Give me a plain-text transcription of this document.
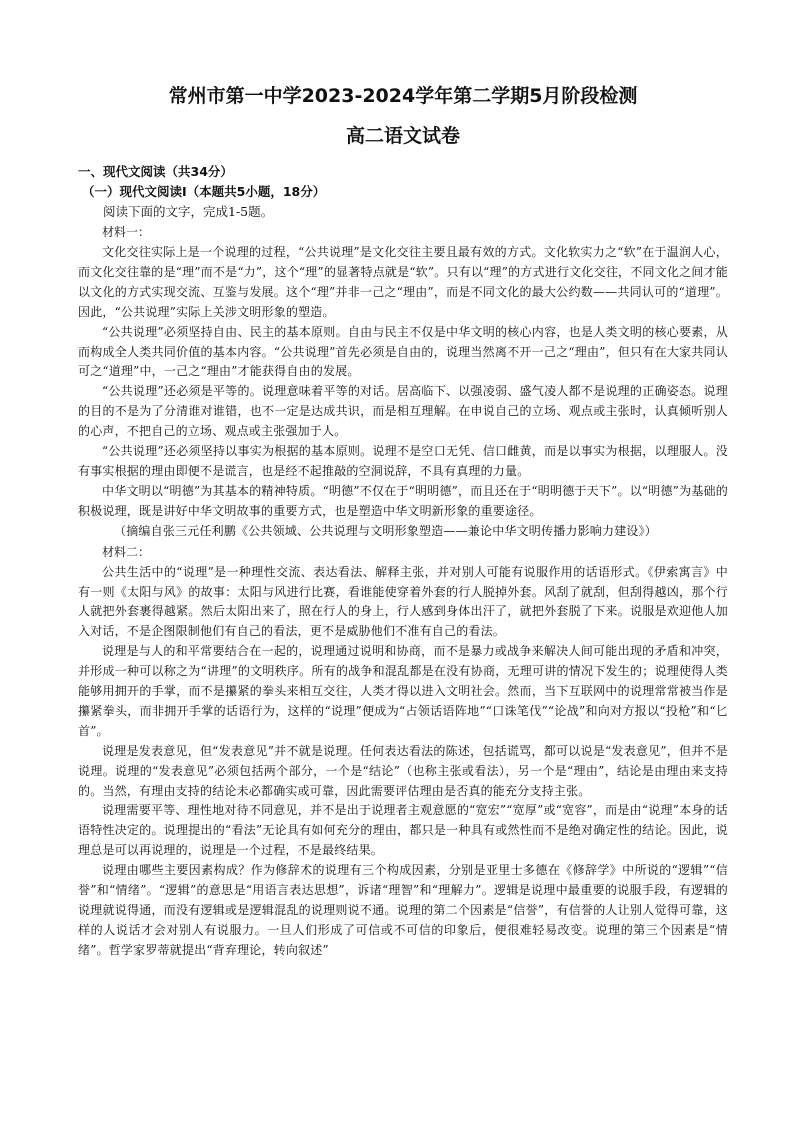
常州市第一中学2023-2024学年第二学期5月阶段检测
高二语文试卷
一、现代文阅读（共34分）
（一）现代文阅读Ⅰ（本题共5小题，18分）
阅读下面的文字，完成1-5题。
材料一：

文化交往实际上是一个说理的过程，“公共说理”是文化交往主要且最有效的方式。文化软实力之“软”在于温润人心，而文化交往靠的是“理”而不是“力”，这个“理”的显著特点就是“软”。只有以“理”的方式进行文化交往，不同文化之间才能以文化的方式实现交流、互鉴与发展。这个“理”并非一己之“理由”，而是不同文化的最大公约数——共同认可的“道理”。因此，“公共说理”实际上关涉文明形象的塑造。

“公共说理”必须坚持自由、民主的基本原则。自由与民主不仅是中华文明的核心内容，也是人类文明的核心要素，从而构成全人类共同价值的基本内容。“公共说理”首先必须是自由的，说理当然离不开一己之“理由”，但只有在大家共同认可之“道理”中，一己之“理由”才能获得自由的发展。

“公共说理”还必须是平等的。说理意味着平等的对话。居高临下、以强凌弱、盛气凌人都不是说理的正确姿态。说理的目的不是为了分清谁对谁错，也不一定是达成共识，而是相互理解。在申说自己的立场、观点或主张时，认真倾听别人的心声，不把自己的立场、观点或主张强加于人。

“公共说理”还必须坚持以事实为根据的基本原则。说理不是空口无凭、信口雌黄，而是以事实为根据，以理服人。没有事实根据的理由即便不是谎言，也是经不起推敲的空洞说辞，不具有真理的力量。

中华文明以“明德”为其基本的精神特质。“明德”不仅在于“明明德”，而且还在于“明明德于天下”。以“明德”为基础的积极说理，既是讲好中华文明故事的重要方式，也是塑造中华文明新形象的重要途径。

（摘编自张三元任利鹏《公共领域、公共说理与文明形象塑造——兼论中华文明传播力影响力建设》）

材料二：

公共生活中的“说理”是一种理性交流、表达看法、解释主张，并对别人可能有说服作用的话语形式。《伊索寓言》中有一则《太阳与风》的故事：太阳与风进行比赛，看谁能使穿着外套的行人脱掉外套。风刮了就刮，但刮得越凶，那个行人就把外套裹得越紧。然后太阳出来了，照在行人的身上，行人感到身体出汗了，就把外套脱了下来。说服是欢迎他人加入对话，不是企图限制他们有自己的看法，更不是威胁他们不准有自己的看法。

说理是与人的和平常要结合在一起的，说理通过说明和协商，而不是暴力或战争来解决人间可能出现的矛盾和冲突，并形成一种可以称之为“讲理”的文明秩序。所有的战争和混乱都是在没有协商，无理可讲的情况下发生的；说理使得人类能够用拥开的手掌，而不是攥紧的拳头来相互交往，人类才得以进入文明社会。然而，当下互联网中的说理常常被当作是攥紧拳头，而非拥开手掌的话语行为，这样的“说理”便成为“占领话语阵地”“口诛笔伐”“论战”和向对方报以“投枪”和“匕首”。

说理是发表意见，但“发表意见”并不就是说理。任何表达看法的陈述，包括谎骂，都可以说是“发表意见”，但并不是说理。说理的“发表意见”必须包括两个部分，一个是“结论”（也称主张或看法），另一个是“理由”，结论是由理由来支持的。当然，有理由支持的结论未必都确实或可靠，因此需要评估理由是否真的能充分支持主张。

说理需要平等、理性地对待不同意见，并不是出于说理者主观意愿的“宽宏”“宽厚”或“宽容”，而是由“说理”本身的话语特性决定的。说理提出的“看法”无论具有如何充分的理由，都只是一种具有或然性而不是绝对确定性的结论。因此，说理总是可以再说理的，说理是一个过程，不是最终结果。

说理由哪些主要因素构成？作为修辞术的说理有三个构成因素，分别是亚里士多德在《修辞学》中所说的“逻辑”“信誉”和“情绪”。“逻辑”的意思是“用语言表达思想”，诉诸“理智”和“理解力”。逻辑是说理中最重要的说服手段，有逻辑的说理就说得通，而没有逻辑或是逻辑混乱的说理则说不通。说理的第二个因素是“信誉”，有信誉的人让别人觉得可靠，这样的人说话才会对别人有说服力。一旦人们形成了可信或不可信的印象后，便很难轻易改变。说理的第三个因素是“情绪”。哲学家罗蒂就提出“背弃理论，转向叙述”
